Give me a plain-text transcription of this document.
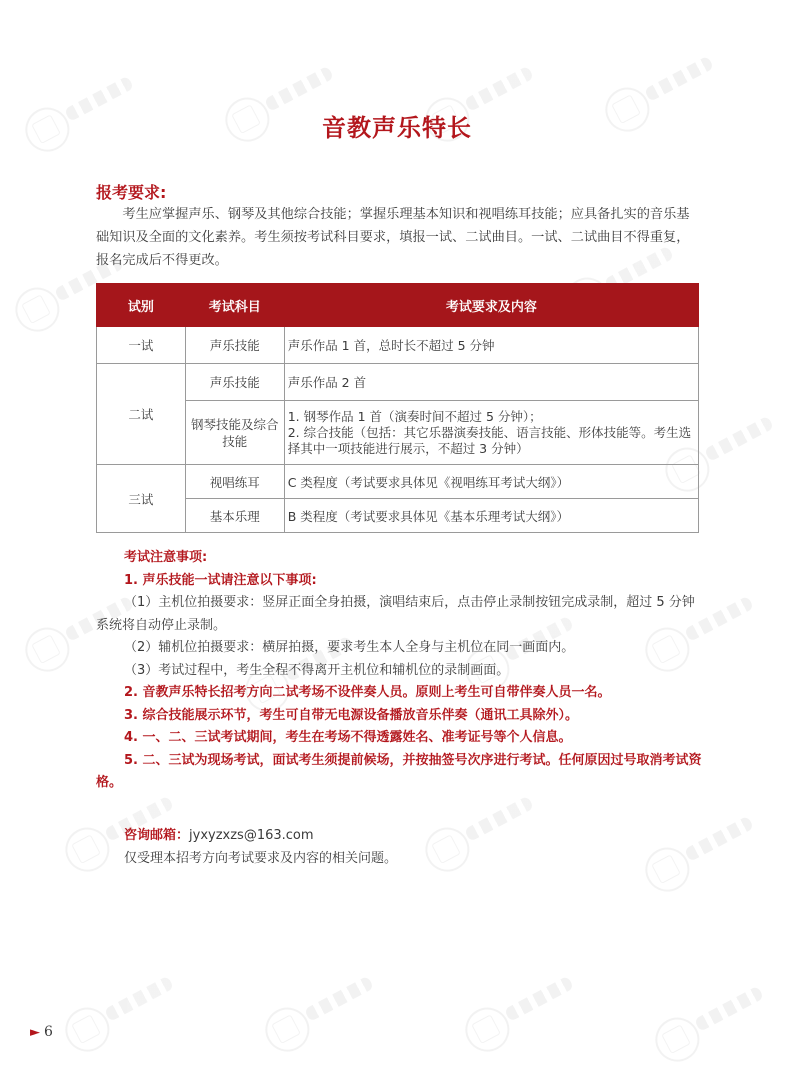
音教声乐特长
报考要求:
考生应掌握声乐、钢琴及其他综合技能；掌握乐理基本知识和视唱练耳技能；应具备扎实的音乐基础知识及全面的文化素养。考生须按考试科目要求，填报一试、二试曲目。一试、二试曲目不得重复，报名完成后不得更改。
试别	考试科目	考试要求及内容
一试	声乐技能	声乐作品 1 首，总时长不超过 5 分钟
二试	声乐技能	声乐作品 2 首
	钢琴技能及综合技能	1. 钢琴作品 1 首（演奏时间不超过 5 分钟）；
2. 综合技能（包括：其它乐器演奏技能、语言技能、形体技能等。考生选择其中一项技能进行展示，不超过 3 分钟）

三试	视唱练耳	C 类程度（考试要求具体见《视唱练耳考试大纲》）
	基本乐理	B 类程度（考试要求具体见《基本乐理考试大纲》）
考试注意事项:
1. 声乐技能一试请注意以下事项:
（1）主机位拍摄要求：竖屏正面全身拍摄，演唱结束后，点击停止录制按钮完成录制，超过 5 分钟系统将自动停止录制。
（2）辅机位拍摄要求：横屏拍摄，要求考生本人全身与主机位在同一画面内。
（3）考试过程中，考生全程不得离开主机位和辅机位的录制画面。
2. 音教声乐特长招考方向二试考场不设伴奏人员。原则上考生可自带伴奏人员一名。
3. 综合技能展示环节，考生可自带无电源设备播放音乐伴奏（通讯工具除外）。
4. 一、二、三试考试期间，考生在考场不得透露姓名、准考证号等个人信息。
5. 二、三试为现场考试，面试考生须提前候场，并按抽签号次序进行考试。任何原因过号取消考试资格。
咨询邮箱：jyxyzxzs@163.com
仅受理本招考方向考试要求及内容的相关问题。
► 6
